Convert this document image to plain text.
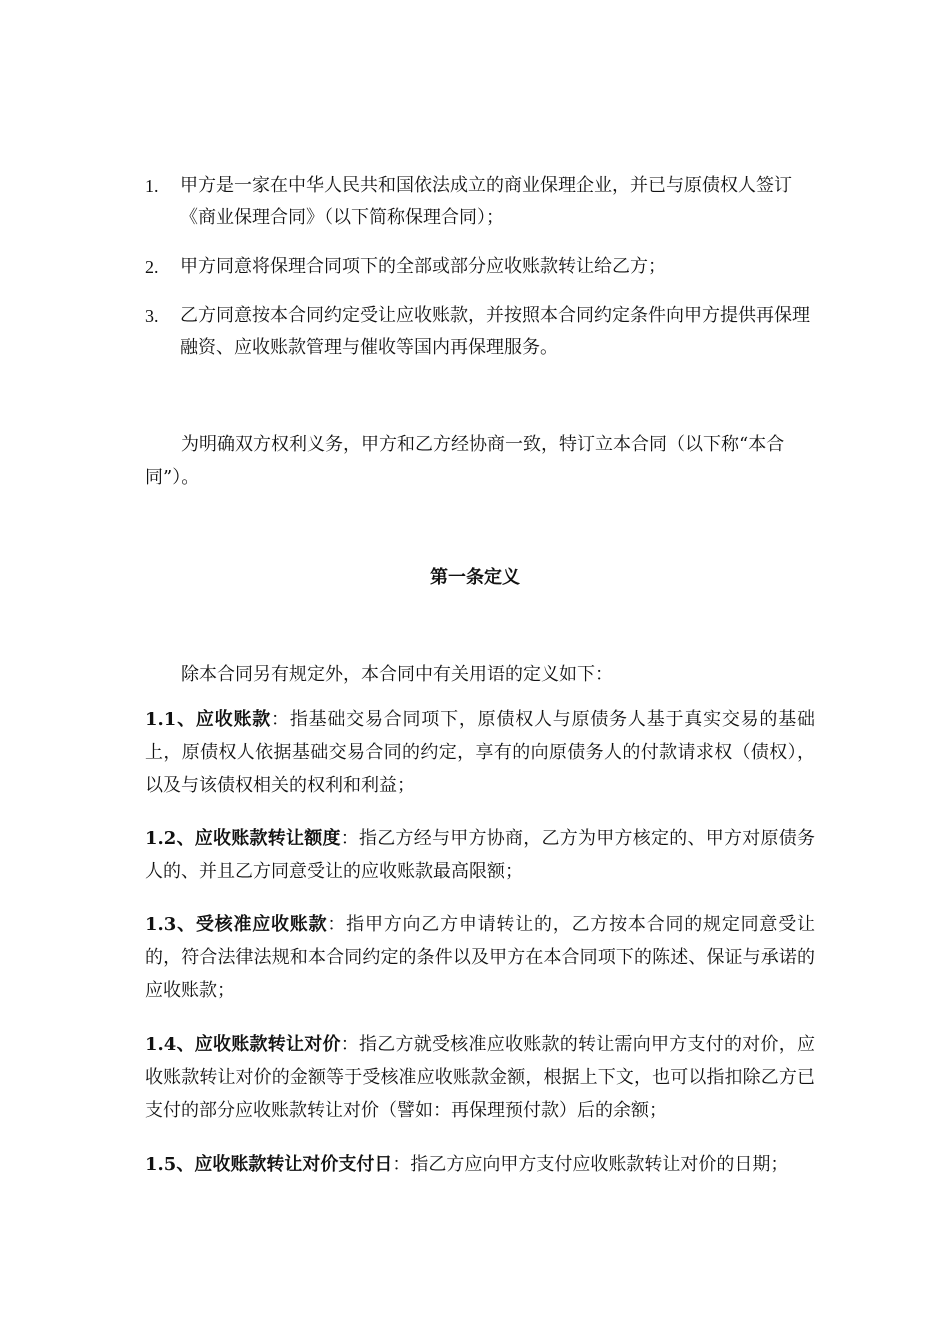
1. 甲方是一家在中华人民共和国依法成立的商业保理企业，并已与原债权人签订《商业保理合同》（以下简称保理合同）；
2. 甲方同意将保理合同项下的全部或部分应收账款转让给乙方；
3. 乙方同意按本合同约定受让应收账款，并按照本合同约定条件向甲方提供再保理融资、应收账款管理与催收等国内再保理服务。

为明确双方权利义务，甲方和乙方经协商一致，特订立本合同（以下称“本合同”）。

第一条定义

除本合同另有规定外，本合同中有关用语的定义如下：

1.1、应收账款：指基础交易合同项下，原债权人与原债务人基于真实交易的基础上，原债权人依据基础交易合同的约定，享有的向原债务人的付款请求权（债权），以及与该债权相关的权利和利益；

1.2、应收账款转让额度：指乙方经与甲方协商，乙方为甲方核定的、甲方对原债务人的、并且乙方同意受让的应收账款最高限额；

1.3、受核准应收账款：指甲方向乙方申请转让的，乙方按本合同的规定同意受让的，符合法律法规和本合同约定的条件以及甲方在本合同项下的陈述、保证与承诺的应收账款；

1.4、应收账款转让对价：指乙方就受核准应收账款的转让需向甲方支付的对价，应收账款转让对价的金额等于受核准应收账款金额，根据上下文，也可以指扣除乙方已支付的部分应收账款转让对价（譬如：再保理预付款）后的余额；

1.5、应收账款转让对价支付日：指乙方应向甲方支付应收账款转让对价的日期；
